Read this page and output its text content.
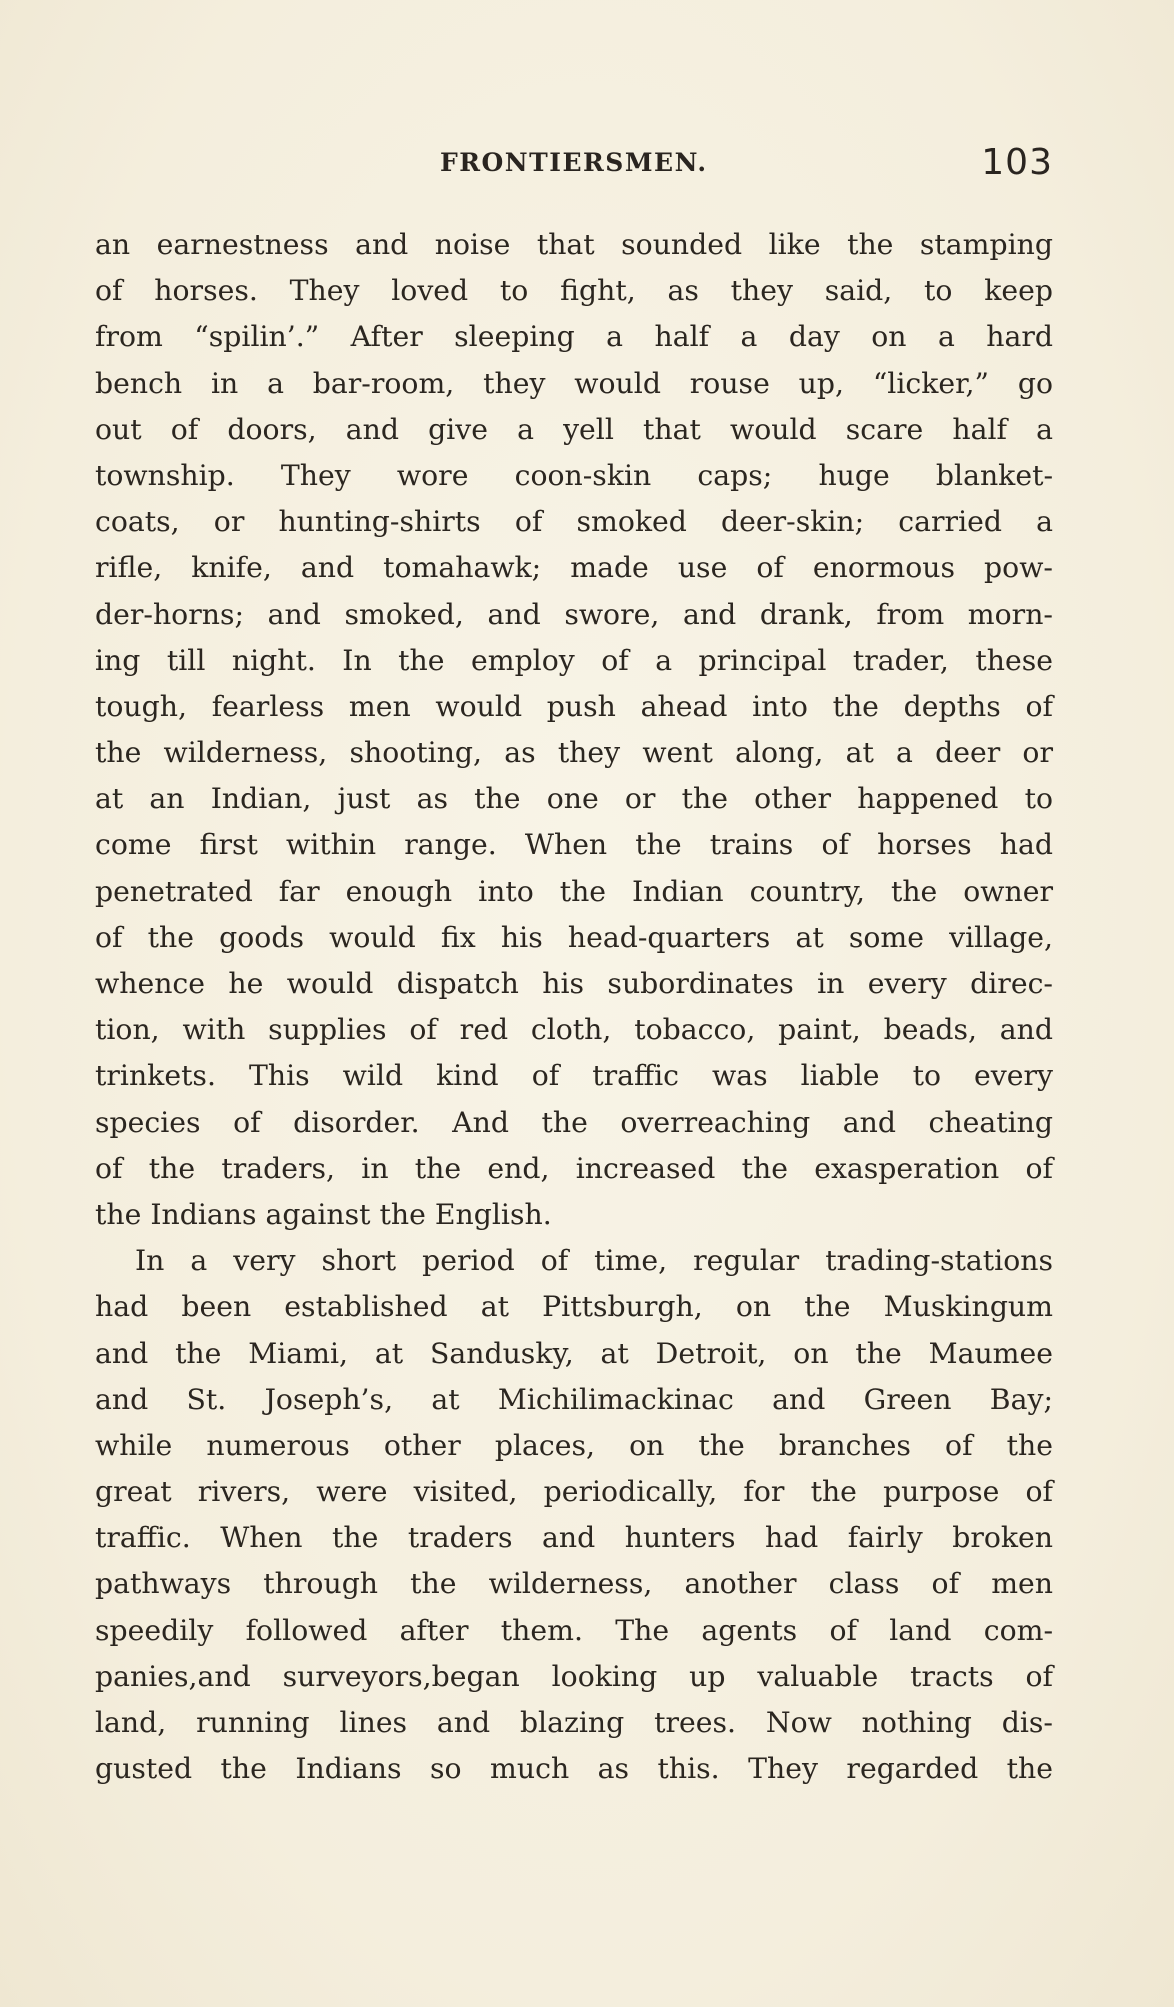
FRONTIERSMEN.	103
an earnestness and noise that sounded like the stamping
of horses. They loved to fight, as they said, to keep
from “spilin’.” After sleeping a half a day on a hard
bench in a bar-room, they would rouse up, “licker,” go
out of doors, and give a yell that would scare half a
township. They wore coon-skin caps; huge blanket-
coats, or hunting-shirts of smoked deer-skin; carried a
rifle, knife, and tomahawk; made use of enormous pow-
der-horns; and smoked, and swore, and drank, from morn-
ing till night. In the employ of a principal trader, these
tough, fearless men would push ahead into the depths of
the wilderness, shooting, as they went along, at a deer or
at an Indian, just as the one or the other happened to
come first within range. When the trains of horses had
penetrated far enough into the Indian country, the owner
of the goods would fix his head-quarters at some village,
whence he would dispatch his subordinates in every direc-
tion, with supplies of red cloth, tobacco, paint, beads, and
trinkets. This wild kind of traffic was liable to every
species of disorder. And the overreaching and cheating
of the traders, in the end, increased the exasperation of
the Indians against the English.
In a very short period of time, regular trading-stations
had been established at Pittsburgh, on the Muskingum
and the Miami, at Sandusky, at Detroit, on the Maumee
and St. Joseph’s, at Michilimackinac and Green Bay;
while numerous other places, on the branches of the
great rivers, were visited, periodically, for the purpose of
traffic. When the traders and hunters had fairly broken
pathways through the wilderness, another class of men
speedily followed after them. The agents of land com-
panies,and surveyors,began looking up valuable tracts of
land, running lines and blazing trees. Now nothing dis-
gusted the Indians so much as this. They regarded the
